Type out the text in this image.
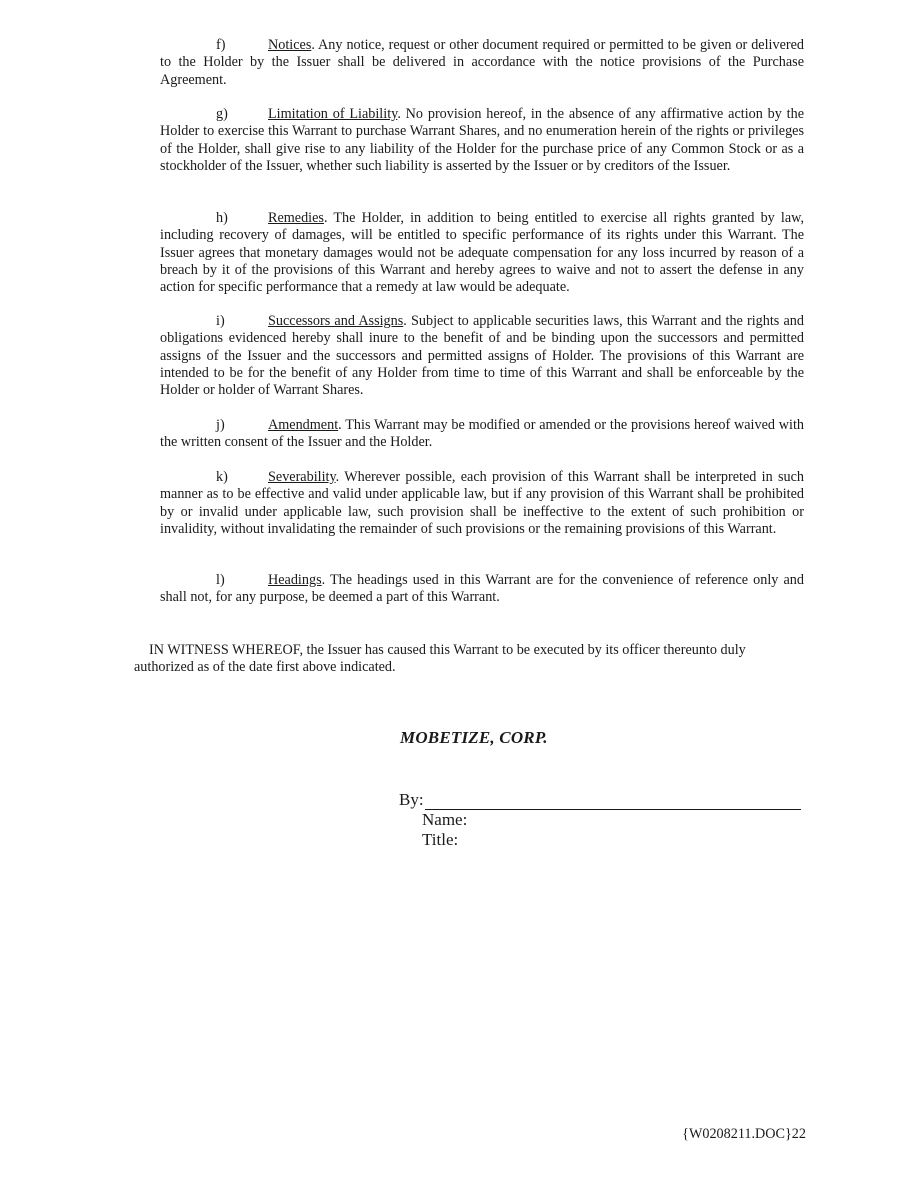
f)	Notices. Any notice, request or other document required or permitted to be given or delivered to the Holder by the Issuer shall be delivered in accordance with the notice provisions of the Purchase Agreement.

g)	Limitation of Liability. No provision hereof, in the absence of any affirmative action by the Holder to exercise this Warrant to purchase Warrant Shares, and no enumeration herein of the rights or privileges of the Holder, shall give rise to any liability of the Holder for the purchase price of any Common Stock or as a stockholder of the Issuer, whether such liability is asserted by the Issuer or by creditors of the Issuer.

h)	Remedies. The Holder, in addition to being entitled to exercise all rights granted by law, including recovery of damages, will be entitled to specific performance of its rights under this Warrant. The Issuer agrees that monetary damages would not be adequate compensation for any loss incurred by reason of a breach by it of the provisions of this Warrant and hereby agrees to waive and not to assert the defense in any action for specific performance that a remedy at law would be adequate.

i)	Successors and Assigns. Subject to applicable securities laws, this Warrant and the rights and obligations evidenced hereby shall inure to the benefit of and be binding upon the successors and permitted assigns of the Issuer and the successors and permitted assigns of Holder. The provisions of this Warrant are intended to be for the benefit of any Holder from time to time of this Warrant and shall be enforceable by the Holder or holder of Warrant Shares.

j)	Amendment. This Warrant may be modified or amended or the provisions hereof waived with the written consent of the Issuer and the Holder.

k)	Severability. Wherever possible, each provision of this Warrant shall be interpreted in such manner as to be effective and valid under applicable law, but if any provision of this Warrant shall be prohibited by or invalid under applicable law, such provision shall be ineffective to the extent of such prohibition or invalidity, without invalidating the remainder of such provisions or the remaining provisions of this Warrant.

l)	Headings. The headings used in this Warrant are for the convenience of reference only and shall not, for any purpose, be deemed a part of this Warrant.

IN WITNESS WHEREOF, the Issuer has caused this Warrant to be executed by its officer thereunto duly authorized as of the date first above indicated.

MOBETIZE, CORP.

By:
Name:
Title:

{W0208211.DOC}22
